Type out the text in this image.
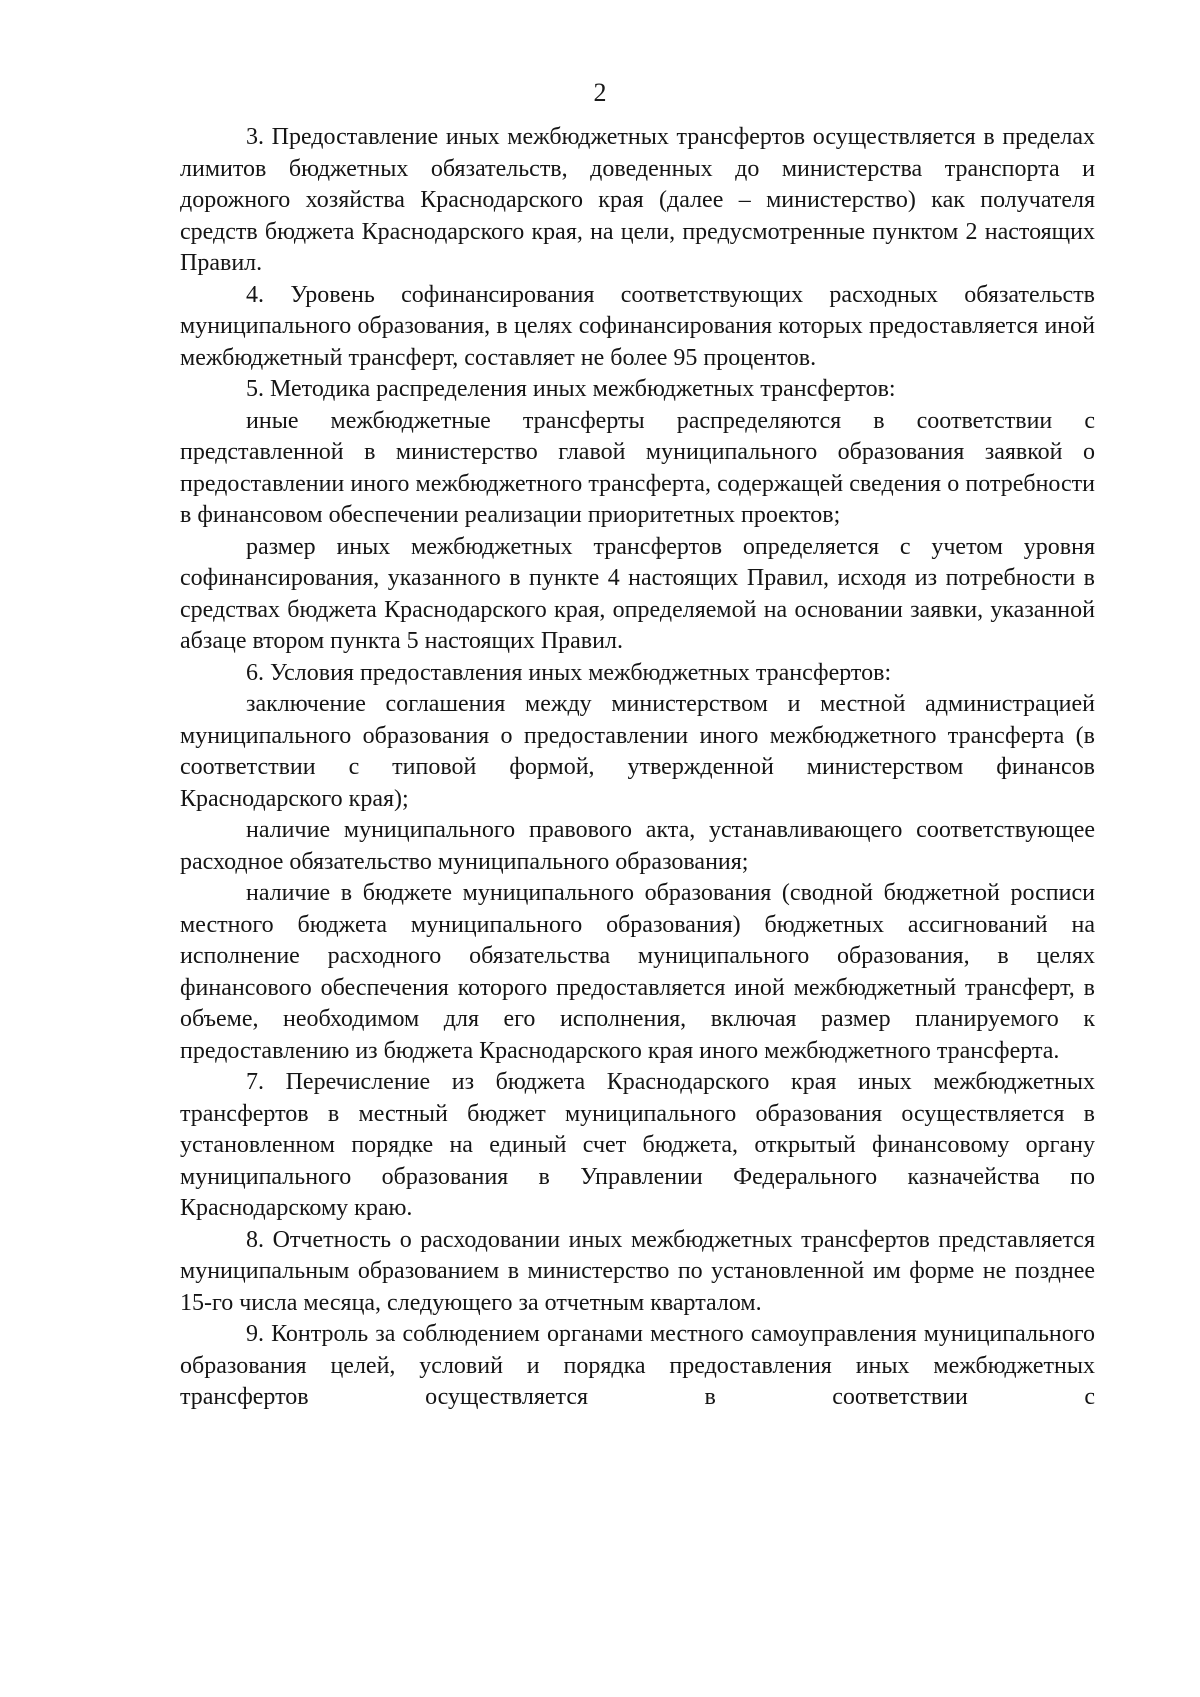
2

3. Предоставление иных межбюджетных трансфертов осуществляется в пределах лимитов бюджетных обязательств, доведенных до министерства транспорта и дорожного хозяйства Краснодарского края (далее – министерство) как получателя средств бюджета Краснодарского края, на цели, предусмотренные пунктом 2 настоящих Правил.

4. Уровень софинансирования соответствующих расходных обязательств муниципального образования, в целях софинансирования которых предоставляется иной межбюджетный трансферт, составляет не более 95 процентов.

5. Методика распределения иных межбюджетных трансфертов:

иные межбюджетные трансферты распределяются в соответствии с представленной в министерство главой муниципального образования заявкой о предоставлении иного межбюджетного трансферта, содержащей сведения о потребности в финансовом обеспечении реализации приоритетных проектов;

размер иных межбюджетных трансфертов определяется с учетом уровня софинансирования, указанного в пункте 4 настоящих Правил, исходя из потребности в средствах бюджета Краснодарского края, определяемой на основании заявки, указанной абзаце втором пункта 5 настоящих Правил.

6. Условия предоставления иных межбюджетных трансфертов:

заключение соглашения между министерством и местной администрацией муниципального образования о предоставлении иного межбюджетного трансферта (в соответствии с типовой формой, утвержденной министерством финансов Краснодарского края);

наличие муниципального правового акта, устанавливающего соответствующее расходное обязательство муниципального образования;

наличие в бюджете муниципального образования (сводной бюджетной росписи местного бюджета муниципального образования) бюджетных ассигнований на исполнение расходного обязательства муниципального образования, в целях финансового обеспечения которого предоставляется иной межбюджетный трансферт, в объеме, необходимом для его исполнения, включая размер планируемого к предоставлению из бюджета Краснодарского края иного межбюджетного трансферта.

7. Перечисление из бюджета Краснодарского края иных межбюджетных трансфертов в местный бюджет муниципального образования осуществляется в установленном порядке на единый счет бюджета, открытый финансовому органу муниципального образования в Управлении Федерального казначейства по Краснодарскому краю.

8. Отчетность о расходовании иных межбюджетных трансфертов представляется муниципальным образованием в министерство по установленной им форме не позднее 15-го числа месяца, следующего за отчетным кварталом.

9. Контроль за соблюдением органами местного самоуправления муниципального образования целей, условий и порядка предоставления иных межбюджетных трансфертов осуществляется в соответствии с
